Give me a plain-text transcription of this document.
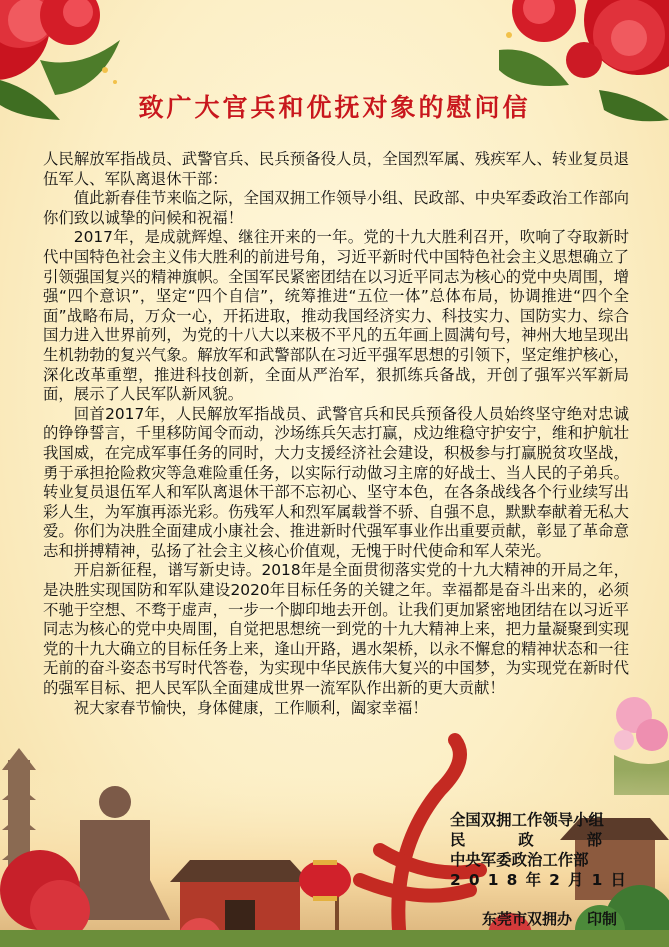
致广大官兵和优抚对象的慰问信

人民解放军指战员、武警官兵、民兵预备役人员，全国烈军属、残疾军人、转业复员退伍军人、军队离退休干部：

值此新春佳节来临之际，全国双拥工作领导小组、民政部、中央军委政治工作部向你们致以诚挚的问候和祝福！

2017年，是成就辉煌、继往开来的一年。党的十九大胜利召开，吹响了夺取新时代中国特色社会主义伟大胜利的前进号角，习近平新时代中国特色社会主义思想确立了引领强国复兴的精神旗帜。全国军民紧密团结在以习近平同志为核心的党中央周围，增强“四个意识”，坚定“四个自信”，统筹推进“五位一体”总体布局，协调推进“四个全面”战略布局，万众一心，开拓进取，推动我国经济实力、科技实力、国防实力、综合国力进入世界前列，为党的十八大以来极不平凡的五年画上圆满句号，神州大地呈现出生机勃勃的复兴气象。解放军和武警部队在习近平强军思想的引领下，坚定维护核心，深化改革重塑，推进科技创新，全面从严治军，狠抓练兵备战，开创了强军兴军新局面，展示了人民军队新风貌。

回首2017年，人民解放军指战员、武警官兵和民兵预备役人员始终坚守绝对忠诚的铮铮誓言，千里移防闻令而动，沙场练兵矢志打赢，戍边维稳守护安宁，维和护航壮我国威，在完成军事任务的同时，大力支援经济社会建设，积极参与打赢脱贫攻坚战，勇于承担抢险救灾等急难险重任务，以实际行动做习主席的好战士、当人民的子弟兵。转业复员退伍军人和军队离退休干部不忘初心、坚守本色，在各条战线各个行业续写出彩人生，为军旗再添光彩。伤残军人和烈军属载誉不骄、自强不息，默默奉献着无私大爱。你们为决胜全面建成小康社会、推进新时代强军事业作出重要贡献，彰显了革命意志和拼搏精神，弘扬了社会主义核心价值观，无愧于时代使命和军人荣光。

开启新征程，谱写新史诗。2018年是全面贯彻落实党的十九大精神的开局之年，是决胜实现国防和军队建设2020年目标任务的关键之年。幸福都是奋斗出来的，必须不驰于空想、不骛于虚声，一步一个脚印地去开创。让我们更加紧密地团结在以习近平同志为核心的党中央周围，自觉把思想统一到党的十九大精神上来，把力量凝聚到实现党的十九大确立的目标任务上来，逢山开路，遇水架桥，以永不懈怠的精神状态和一往无前的奋斗姿态书写时代答卷，为实现中华民族伟大复兴的中国梦，为实现党在新时代的强军目标、把人民军队全面建成世界一流军队作出新的更大贡献！

祝大家春节愉快，身体健康，工作顺利，阖家幸福！

全国双拥工作领导小组
民	政	部
中央军委政治工作部
2 0 1 8 年 2 月 1 日
东莞市双拥办　印制
